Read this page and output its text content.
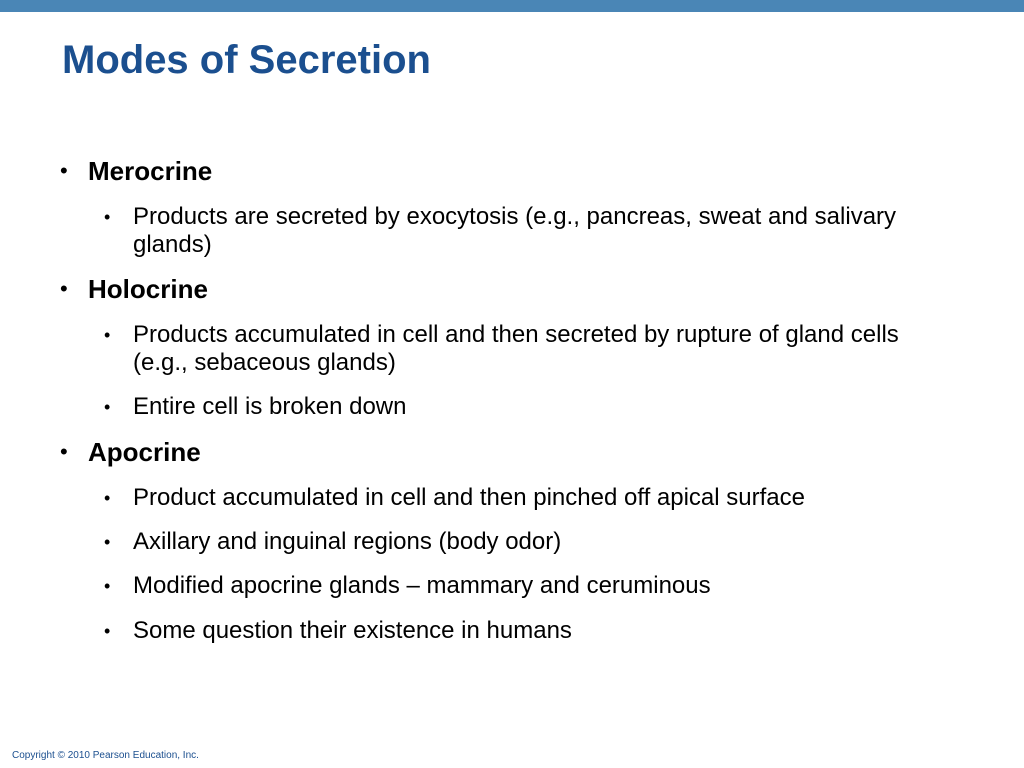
Modes of Secretion
• Merocrine
• Products are secreted by exocytosis (e.g., pancreas, sweat and salivary glands)
• Holocrine
• Products accumulated in cell and then secreted by rupture of gland cells (e.g., sebaceous glands)
• Entire cell is broken down
• Apocrine
• Product accumulated in cell and then pinched off apical surface
• Axillary and inguinal regions (body odor)
• Modified apocrine glands – mammary and ceruminous
• Some question their existence in humans
Copyright © 2010 Pearson Education, Inc.
